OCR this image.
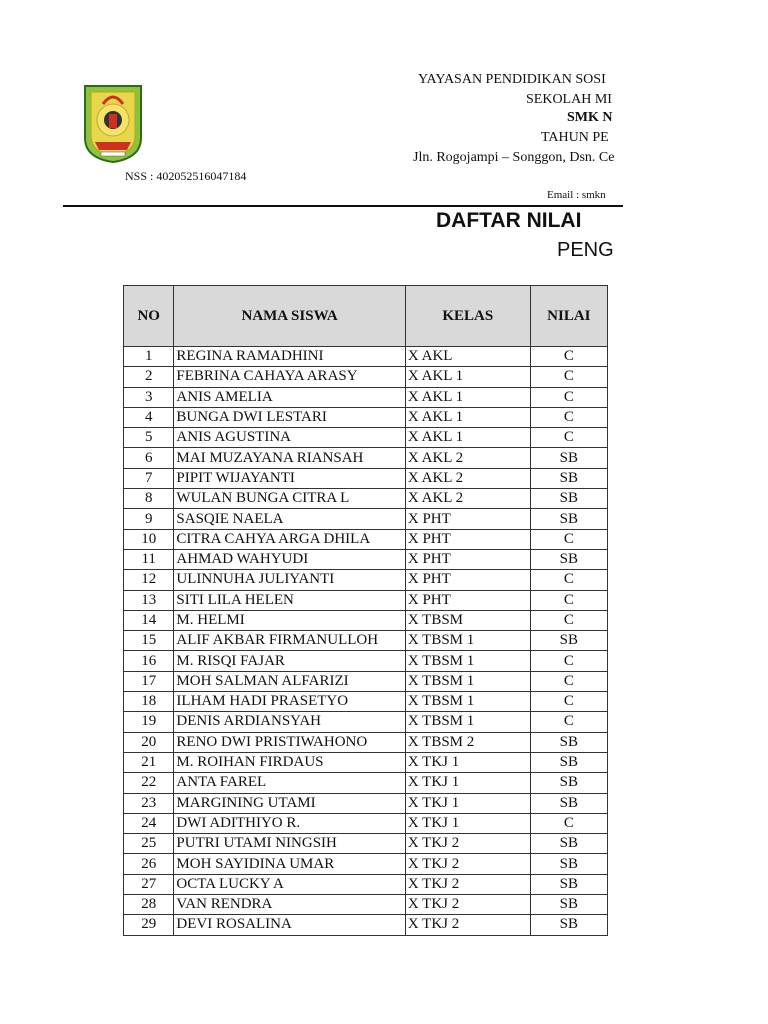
YAYASAN PENDIDIKAN SOSI
SEKOLAH MI
SMK N
TAHUN PE
Jln. Rogojampi – Songgon, Dsn. Ce
NSS : 402052516047184
Email : smkn
DAFTAR NILAI
PENG
NO	NAMA SISWA	KELAS	NILAI
1	REGINA RAMADHINI	X AKL	C
2	FEBRINA CAHAYA ARASY	X AKL 1	C
3	ANIS AMELIA	X AKL 1	C
4	BUNGA DWI LESTARI	X AKL 1	C
5	ANIS AGUSTINA	X AKL 1	C
6	MAI MUZAYANA RIANSAH	X AKL 2	SB
7	PIPIT WIJAYANTI	X AKL 2	SB
8	WULAN BUNGA CITRA L	X AKL 2	SB
9	SASQIE NAELA	X PHT	SB
10	CITRA CAHYA ARGA DHILA	X PHT	C
11	AHMAD WAHYUDI	X PHT	SB
12	ULINNUHA JULIYANTI	X PHT	C
13	SITI LILA HELEN	X PHT	C
14	M. HELMI	X TBSM	C
15	ALIF AKBAR FIRMANULLOH	X TBSM 1	SB
16	M. RISQI FAJAR	X TBSM 1	C
17	MOH SALMAN ALFARIZI	X TBSM 1	C
18	ILHAM HADI PRASETYO	X TBSM 1	C
19	DENIS ARDIANSYAH	X TBSM 1	C
20	RENO DWI PRISTIWAHONO	X TBSM 2	SB
21	M. ROIHAN FIRDAUS	X TKJ 1	SB
22	ANTA FAREL	X TKJ 1	SB
23	MARGINING UTAMI	X TKJ 1	SB
24	DWI ADITHIYO R.	X TKJ 1	C
25	PUTRI UTAMI NINGSIH	X TKJ 2	SB
26	MOH SAYIDINA UMAR	X TKJ 2	SB
27	OCTA LUCKY A	X TKJ 2	SB
28	VAN RENDRA	X TKJ 2	SB
29	DEVI ROSALINA	X TKJ 2	SB
